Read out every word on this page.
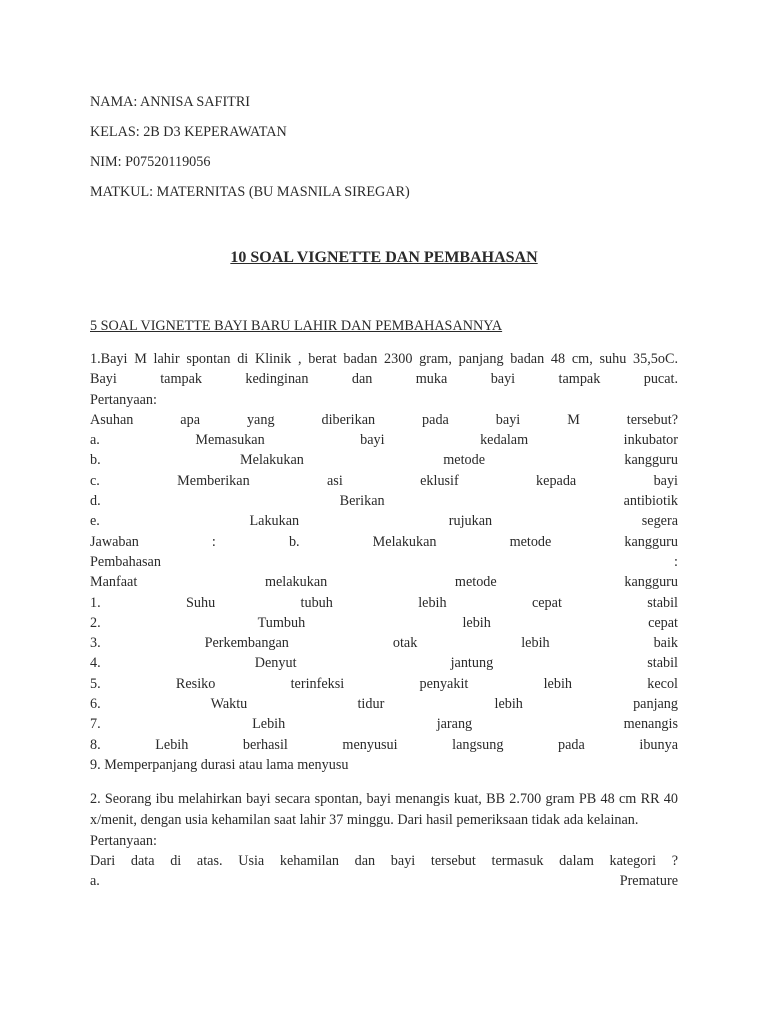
NAMA: ANNISA SAFITRI
KELAS: 2B D3 KEPERAWATAN
NIM: P07520119056
MATKUL: MATERNITAS (BU MASNILA SIREGAR)
10 SOAL VIGNETTE DAN PEMBAHASAN
5 SOAL VIGNETTE BAYI BARU LAHIR DAN PEMBAHASANNYA
1.Bayi M lahir spontan di Klinik , berat badan 2300 gram, panjang badan 48 cm, suhu 35,5oC.
Bayi tampak kedinginan dan muka bayi tampak pucat.
Pertanyaan:
Asuhan apa yang diberikan pada bayi M tersebut?
a. Memasukan bayi kedalam inkubator
b. Melakukan metode kangguru
c. Memberikan asi eklusif kepada bayi
d. Berikan antibiotik
e. Lakukan rujukan segera
Jawaban : b. Melakukan metode kangguru
Pembahasan :
Manfaat melakukan metode kangguru
1. Suhu tubuh lebih cepat stabil
2. Tumbuh lebih cepat
3. Perkembangan otak lebih baik
4. Denyut jantung stabil
5. Resiko terinfeksi penyakit lebih kecol
6. Waktu tidur lebih panjang
7. Lebih jarang menangis
8. Lebih berhasil menyusui langsung pada ibunya
9. Memperpanjang durasi atau lama menyusu
2. Seorang ibu melahirkan bayi secara spontan, bayi menangis kuat, BB 2.700 gram PB 48 cm RR 40 x/menit, dengan usia kehamilan saat lahir 37 minggu. Dari hasil pemeriksaan tidak ada kelainan.
Pertanyaan:
Dari data di atas. Usia kehamilan dan bayi tersebut termasuk dalam kategori ?
a. Premature
